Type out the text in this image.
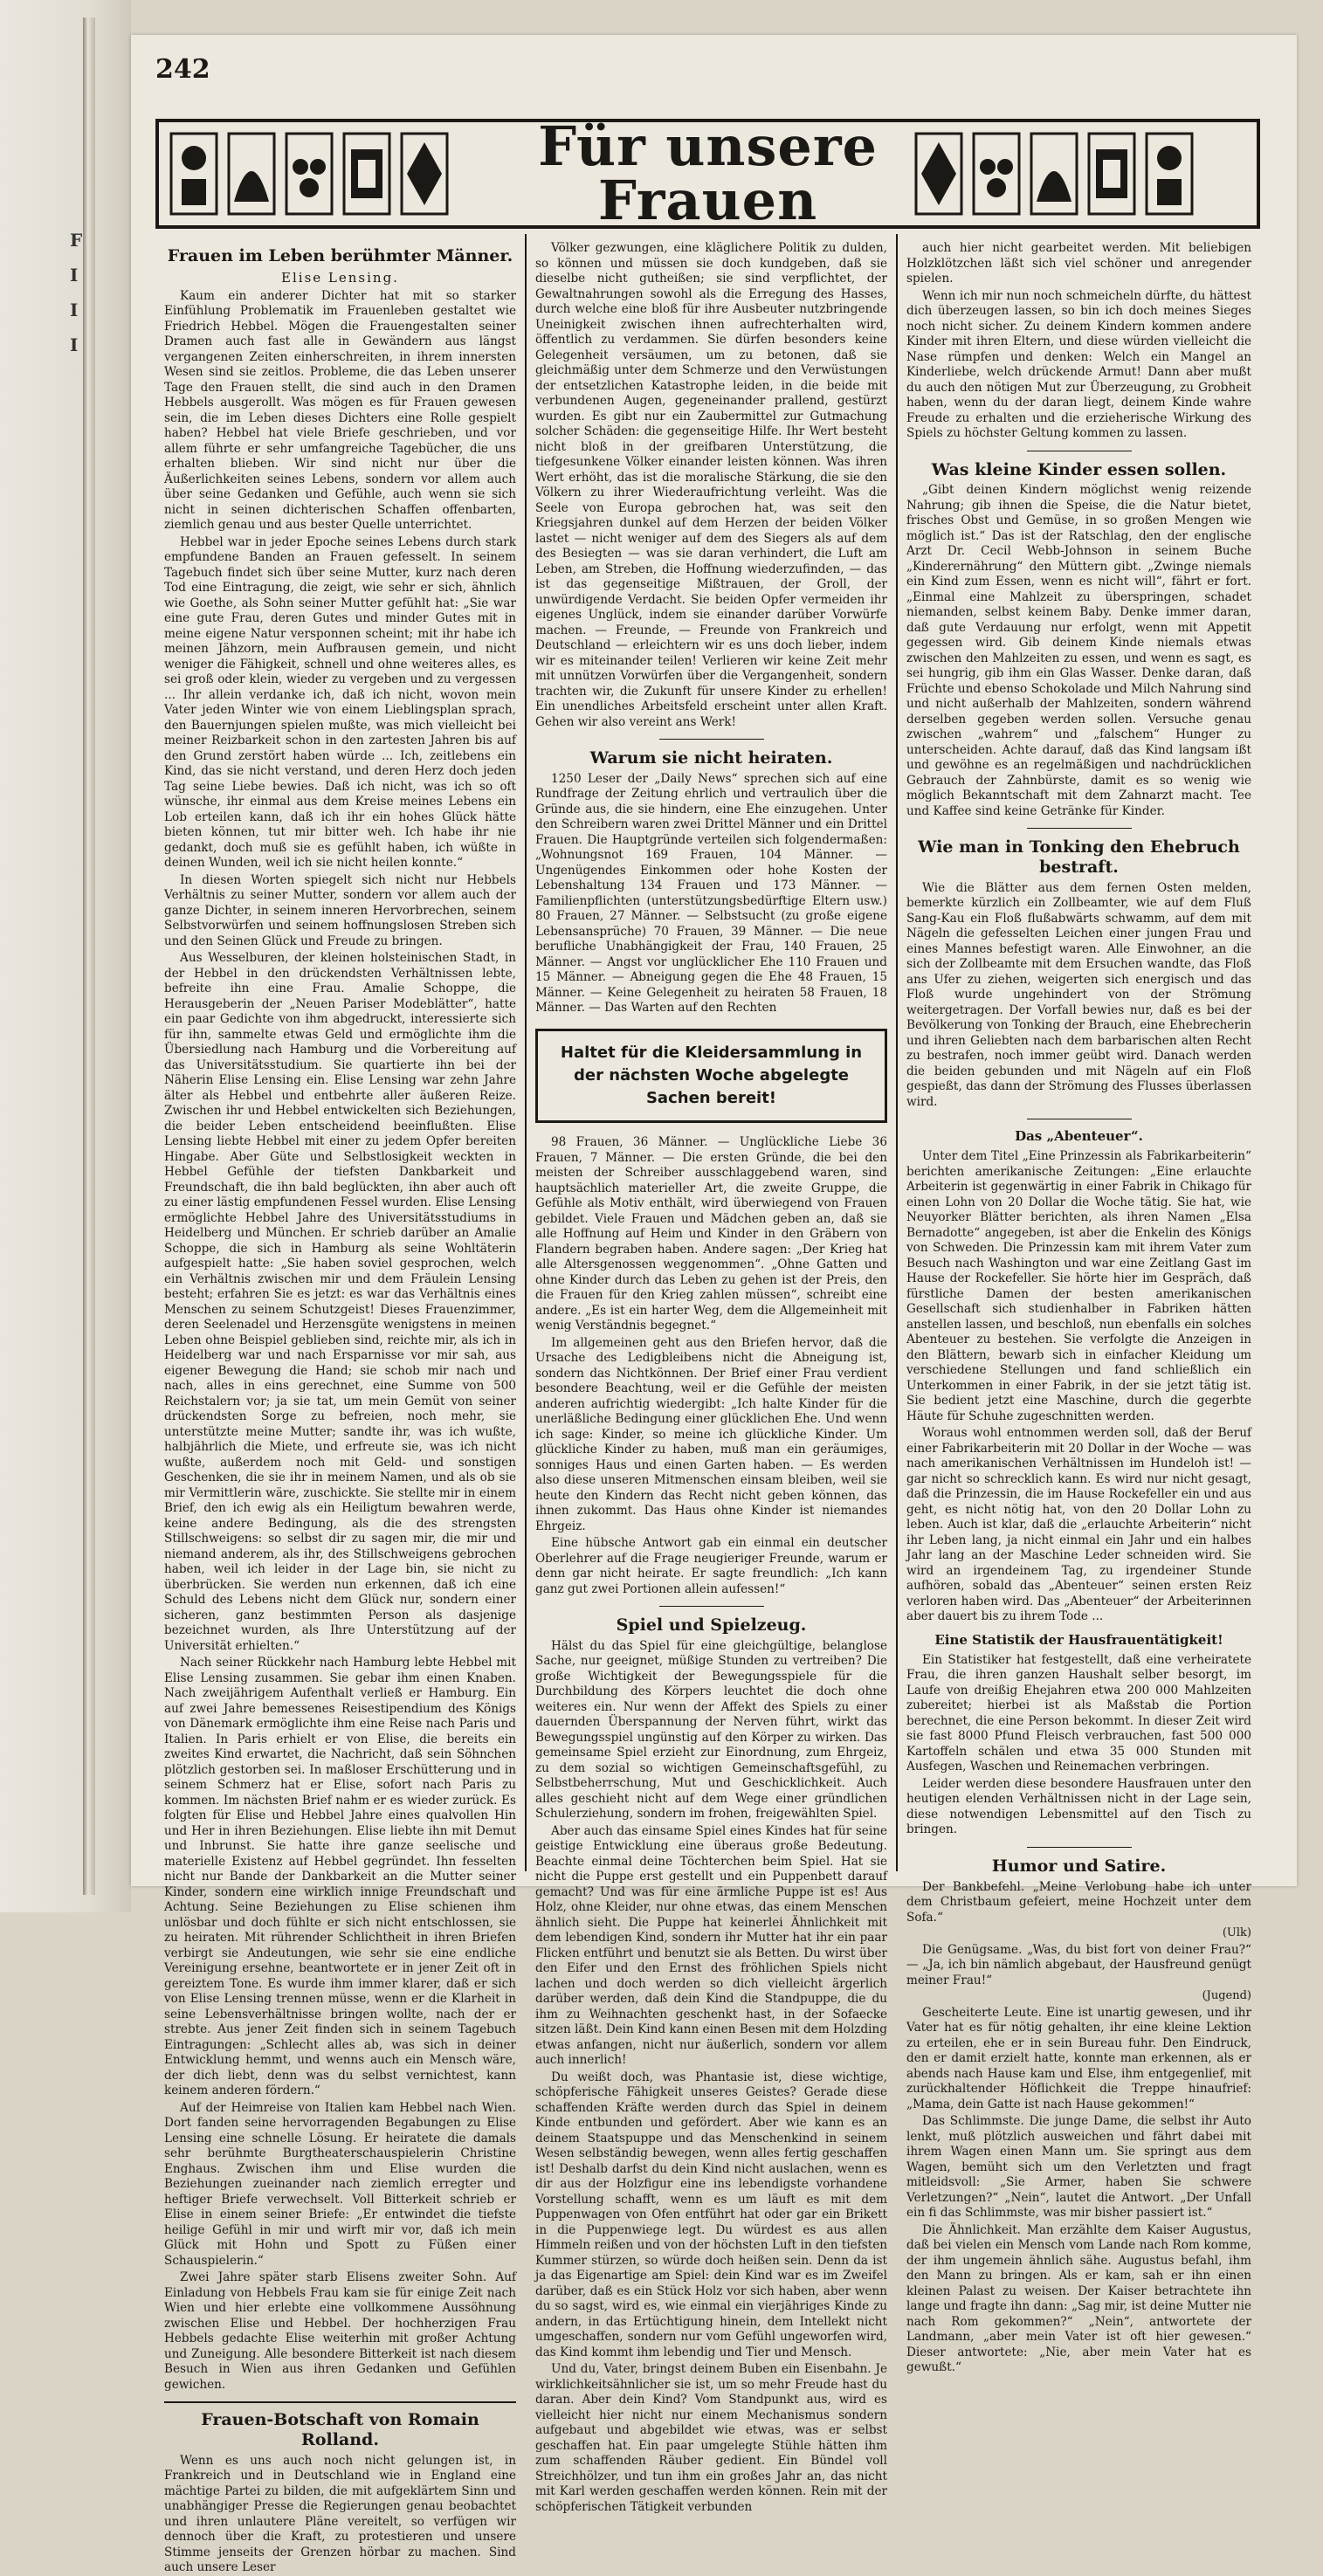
F
I
I
I
242
Für unsere Frauen
Frauen im Leben berühmter Männer.
Elise Lensing.

Kaum ein anderer Dichter hat mit so starker Einfühlung Problematik im Frauenleben gestaltet wie Friedrich Hebbel. Mögen die Frauengestalten seiner Dramen auch fast alle in Gewändern aus längst vergangenen Zeiten einherschreiten, in ihrem innersten Wesen sind sie zeitlos. Probleme, die das Leben unserer Tage den Frauen stellt, die sind auch in den Dramen Hebbels ausgerollt. Was mögen es für Frauen gewesen sein, die im Leben dieses Dichters eine Rolle gespielt haben? Hebbel hat viele Briefe geschrieben, und vor allem führte er sehr umfangreiche Tagebücher, die uns erhalten blieben. Wir sind nicht nur über die Äußerlichkeiten seines Lebens, sondern vor allem auch über seine Gedanken und Gefühle, auch wenn sie sich nicht in seinen dichterischen Schaffen offenbarten, ziemlich genau und aus bester Quelle unterrichtet.

Hebbel war in jeder Epoche seines Lebens durch stark empfundene Banden an Frauen gefesselt. In seinem Tagebuch findet sich über seine Mutter, kurz nach deren Tod eine Eintragung, die zeigt, wie sehr er sich, ähnlich wie Goethe, als Sohn seiner Mutter gefühlt hat: „Sie war eine gute Frau, deren Gutes und minder Gutes mit in meine eigene Natur versponnen scheint; mit ihr habe ich meinen Jähzorn, mein Aufbrausen gemein, und nicht weniger die Fähigkeit, schnell und ohne weiteres alles, es sei groß oder klein, wieder zu vergeben und zu vergessen ... Ihr allein verdanke ich, daß ich nicht, wovon mein Vater jeden Winter wie von einem Lieblingsplan sprach, den Bauernjungen spielen mußte, was mich vielleicht bei meiner Reizbarkeit schon in den zartesten Jahren bis auf den Grund zerstört haben würde ... Ich, zeitlebens ein Kind, das sie nicht verstand, und deren Herz doch jeden Tag seine Liebe bewies. Daß ich nicht, was ich so oft wünsche, ihr einmal aus dem Kreise meines Lebens ein Lob erteilen kann, daß ich ihr ein hohes Glück hätte bieten können, tut mir bitter weh. Ich habe ihr nie gedankt, doch muß sie es gefühlt haben, ich wüßte in deinen Wunden, weil ich sie nicht heilen konnte.“

In diesen Worten spiegelt sich nicht nur Hebbels Verhältnis zu seiner Mutter, sondern vor allem auch der ganze Dichter, in seinem inneren Hervorbrechen, seinem Selbstvorwürfen und seinem hoffnungslosen Streben sich und den Seinen Glück und Freude zu bringen.

Aus Wesselburen, der kleinen holsteinischen Stadt, in der Hebbel in den drückendsten Verhältnissen lebte, befreite ihn eine Frau. Amalie Schoppe, die Herausgeberin der „Neuen Pariser Modeblätter“, hatte ein paar Gedichte von ihm abgedruckt, interessierte sich für ihn, sammelte etwas Geld und ermöglichte ihm die Übersiedlung nach Hamburg und die Vorbereitung auf das Universitätsstudium. Sie quartierte ihn bei der Näherin Elise Lensing ein. Elise Lensing war zehn Jahre älter als Hebbel und entbehrte aller äußeren Reize. Zwischen ihr und Hebbel entwickelten sich Beziehungen, die beider Leben entscheidend beeinflußten. Elise Lensing liebte Hebbel mit einer zu jedem Opfer bereiten Hingabe. Aber Güte und Selbstlosigkeit weckten in Hebbel Gefühle der tiefsten Dankbarkeit und Freundschaft, die ihn bald beglückten, ihn aber auch oft zu einer lästig empfundenen Fessel wurden. Elise Lensing ermöglichte Hebbel Jahre des Universitätsstudiums in Heidelberg und München. Er schrieb darüber an Amalie Schoppe, die sich in Hamburg als seine Wohltäterin aufgespielt hatte: „Sie haben soviel gesprochen, welch ein Verhältnis zwischen mir und dem Fräulein Lensing besteht; erfahren Sie es jetzt: es war das Verhältnis eines Menschen zu seinem Schutzgeist! Dieses Frauenzimmer, deren Seelenadel und Herzensgüte wenigstens in meinen Leben ohne Beispiel geblieben sind, reichte mir, als ich in Heidelberg war und nach Ersparnisse vor mir sah, aus eigener Bewegung die Hand; sie schob mir nach und nach, alles in eins gerechnet, eine Summe von 500 Reichstalern vor; ja sie tat, um mein Gemüt von seiner drückendsten Sorge zu befreien, noch mehr, sie unterstützte meine Mutter; sandte ihr, was ich wußte, halbjährlich die Miete, und erfreute sie, was ich nicht wußte, außerdem noch mit Geld- und sonstigen Geschenken, die sie ihr in meinem Namen, und als ob sie mir Vermittlerin wäre, zuschickte. Sie stellte mir in einem Brief, den ich ewig als ein Heiligtum bewahren werde, keine andere Bedingung, als die des strengsten Stillschweigens: so selbst dir zu sagen mir, die mir und niemand anderem, als ihr, des Stillschweigens gebrochen haben, weil ich leider in der Lage bin, sie nicht zu überbrücken. Sie werden nun erkennen, daß ich eine Schuld des Lebens nicht dem Glück nur, sondern einer sicheren, ganz bestimmten Person als dasjenige bezeichnet wurden, als Ihre Unterstützung auf der Universität erhielten.“

Nach seiner Rückkehr nach Hamburg lebte Hebbel mit Elise Lensing zusammen. Sie gebar ihm einen Knaben. Nach zweijährigem Aufenthalt verließ er Hamburg. Ein auf zwei Jahre bemessenes Reisestipendium des Königs von Dänemark ermöglichte ihm eine Reise nach Paris und Italien. In Paris erhielt er von Elise, die bereits ein zweites Kind erwartet, die Nachricht, daß sein Söhnchen plötzlich gestorben sei. In maßloser Erschütterung und in seinem Schmerz hat er Elise, sofort nach Paris zu kommen. Im nächsten Brief nahm er es wieder zurück. Es folgten für Elise und Hebbel Jahre eines qualvollen Hin und Her in ihren Beziehungen. Elise liebte ihn mit Demut und Inbrunst. Sie hatte ihre ganze seelische und materielle Existenz auf Hebbel gegründet. Ihn fesselten nicht nur Bande der Dankbarkeit an die Mutter seiner Kinder, sondern eine wirklich innige Freundschaft und Achtung. Seine Beziehungen zu Elise schienen ihm unlösbar und doch fühlte er sich nicht entschlossen, sie zu heiraten. Mit rührender Schlichtheit in ihren Briefen verbirgt sie Andeutungen, wie sehr sie eine endliche Vereinigung ersehne, beantwortete er in jener Zeit oft in gereiztem Tone. Es wurde ihm immer klarer, daß er sich von Elise Lensing trennen müsse, wenn er die Klarheit in seine Lebensverhältnisse bringen wollte, nach der er strebte. Aus jener Zeit finden sich in seinem Tagebuch Eintragungen: „Schlecht alles ab, was sich in deiner Entwicklung hemmt, und wenns auch ein Mensch wäre, der dich liebt, denn was du selbst vernichtest, kann keinem anderen fördern.“

Auf der Heimreise von Italien kam Hebbel nach Wien. Dort fanden seine hervorragenden Begabungen zu Elise Lensing eine schnelle Lösung. Er heiratete die damals sehr berühmte Burgtheaterschauspielerin Christine Enghaus. Zwischen ihm und Elise wurden die Beziehungen zueinander nach ziemlich erregter und heftiger Briefe verwechselt. Voll Bitterkeit schrieb er Elise in einem seiner Briefe: „Er entwindet die tiefste heilige Gefühl in mir und wirft mir vor, daß ich mein Glück mit Hohn und Spott zu Füßen einer Schauspielerin.“

Zwei Jahre später starb Elisens zweiter Sohn. Auf Einladung von Hebbels Frau kam sie für einige Zeit nach Wien und hier erlebte eine vollkommene Aussöhnung zwischen Elise und Hebbel. Der hochherzigen Frau Hebbels gedachte Elise weiterhin mit großer Achtung und Zuneigung. Alle besondere Bitterkeit ist nach diesem Besuch in Wien aus ihren Gedanken und Gefühlen gewichen.

Frauen-Botschaft von Romain Rolland.

Wenn es uns auch noch nicht gelungen ist, in Frankreich und in Deutschland wie in England eine mächtige Partei zu bilden, die mit aufgeklärtem Sinn und unabhängiger Presse die Regierungen genau beobachtet und ihren unlautere Pläne vereitelt, so verfügen wir dennoch über die Kraft, zu protestieren und unsere Stimme jenseits der Grenzen hörbar zu machen. Sind auch unsere Leser

Völker gezwungen, eine kläglichere Politik zu dulden, so können und müssen sie doch kundgeben, daß sie dieselbe nicht gutheißen; sie sind verpflichtet, der Gewaltnahrungen sowohl als die Erregung des Hasses, durch welche eine bloß für ihre Ausbeuter nutzbringende Uneinigkeit zwischen ihnen aufrechterhalten wird, öffentlich zu verdammen. Sie dürfen besonders keine Gelegenheit versäumen, um zu betonen, daß sie gleichmäßig unter dem Schmerze und den Verwüstungen der entsetzlichen Katastrophe leiden, in die beide mit verbundenen Augen, gegeneinander prallend, gestürzt wurden. Es gibt nur ein Zaubermittel zur Gutmachung solcher Schäden: die gegenseitige Hilfe. Ihr Wert besteht nicht bloß in der greifbaren Unterstützung, die tiefgesunkene Völker einander leisten können. Was ihren Wert erhöht, das ist die moralische Stärkung, die sie den Völkern zu ihrer Wiederaufrichtung verleiht. Was die Seele von Europa gebrochen hat, was seit den Kriegsjahren dunkel auf dem Herzen der beiden Völker lastet — nicht weniger auf dem des Siegers als auf dem des Besiegten — was sie daran verhindert, die Luft am Leben, am Streben, die Hoffnung wiederzufinden, — das ist das gegenseitige Mißtrauen, der Groll, der unwürdigende Verdacht. Sie beiden Opfer vermeiden ihr eigenes Unglück, indem sie einander darüber Vorwürfe machen. — Freunde, — Freunde von Frankreich und Deutschland — erleichtern wir es uns doch lieber, indem wir es miteinander teilen! Verlieren wir keine Zeit mehr mit unnützen Vorwürfen über die Vergangenheit, sondern trachten wir, die Zukunft für unsere Kinder zu erhellen! Ein unendliches Arbeitsfeld erscheint unter allen Kraft. Gehen wir also vereint ans Werk!

Warum sie nicht heiraten.

1250 Leser der „Daily News“ sprechen sich auf eine Rundfrage der Zeitung ehrlich und vertraulich über die Gründe aus, die sie hindern, eine Ehe einzugehen. Unter den Schreibern waren zwei Drittel Männer und ein Drittel Frauen. Die Hauptgründe verteilen sich folgendermaßen: „Wohnungsnot 169 Frauen, 104 Männer. — Ungenügendes Einkommen oder hohe Kosten der Lebenshaltung 134 Frauen und 173 Männer. — Familienpflichten (unterstützungsbedürftige Eltern usw.) 80 Frauen, 27 Männer. — Selbstsucht (zu große eigene Lebensansprüche) 70 Frauen, 39 Männer. — Die neue berufliche Unabhängigkeit der Frau, 140 Frauen, 25 Männer. — Angst vor unglücklicher Ehe 110 Frauen und 15 Männer. — Abneigung gegen die Ehe 48 Frauen, 15 Männer. — Keine Gelegenheit zu heiraten 58 Frauen, 18 Männer. — Das Warten auf den Rechten

Haltet für die Kleidersammlung in der nächsten Woche abgelegte Sachen bereit!

98 Frauen, 36 Männer. — Unglückliche Liebe 36 Frauen, 7 Männer. — Die ersten Gründe, die bei den meisten der Schreiber ausschlaggebend waren, sind hauptsächlich materieller Art, die zweite Gruppe, die Gefühle als Motiv enthält, wird überwiegend von Frauen gebildet. Viele Frauen und Mädchen geben an, daß sie alle Hoffnung auf Heim und Kinder in den Gräbern von Flandern begraben haben. Andere sagen: „Der Krieg hat alle Altersgenossen weggenommen“. „Ohne Gatten und ohne Kinder durch das Leben zu gehen ist der Preis, den die Frauen für den Krieg zahlen müssen“, schreibt eine andere. „Es ist ein harter Weg, dem die Allgemeinheit mit wenig Verständnis begegnet.“

Im allgemeinen geht aus den Briefen hervor, daß die Ursache des Ledigbleibens nicht die Abneigung ist, sondern das Nichtkönnen. Der Brief einer Frau verdient besondere Beachtung, weil er die Gefühle der meisten anderen aufrichtig wiedergibt: „Ich halte Kinder für die unerläßliche Bedingung einer glücklichen Ehe. Und wenn ich sage: Kinder, so meine ich glückliche Kinder. Um glückliche Kinder zu haben, muß man ein geräumiges, sonniges Haus und einen Garten haben. — Es werden also diese unseren Mitmenschen einsam bleiben, weil sie heute den Kindern das Recht nicht geben können, das ihnen zukommt. Das Haus ohne Kinder ist niemandes Ehrgeiz.

Eine hübsche Antwort gab ein einmal ein deutscher Oberlehrer auf die Frage neugieriger Freunde, warum er denn gar nicht heirate. Er sagte freundlich: „Ich kann ganz gut zwei Portionen allein aufessen!“

Spiel und Spielzeug.

Hälst du das Spiel für eine gleichgültige, belanglose Sache, nur geeignet, müßige Stunden zu vertreiben? Die große Wichtigkeit der Bewegungsspiele für die Durchbildung des Körpers leuchtet die doch ohne weiteres ein. Nur wenn der Affekt des Spiels zu einer dauernden Überspannung der Nerven führt, wirkt das Bewegungsspiel ungünstig auf den Körper zu wirken. Das gemeinsame Spiel erzieht zur Einordnung, zum Ehrgeiz, zu dem sozial so wichtigen Gemeinschaftsgefühl, zu Selbstbeherrschung, Mut und Geschicklichkeit. Auch alles geschieht nicht auf dem Wege einer gründlichen Schulerziehung, sondern im frohen, freigewählten Spiel.

Aber auch das einsame Spiel eines Kindes hat für seine geistige Entwicklung eine überaus große Bedeutung. Beachte einmal deine Töchterchen beim Spiel. Hat sie nicht die Puppe erst gestellt und ein Puppenbett darauf gemacht? Und was für eine ärmliche Puppe ist es! Aus Holz, ohne Kleider, nur ohne etwas, das einem Menschen ähnlich sieht. Die Puppe hat keinerlei Ähnlichkeit mit dem lebendigen Kind, sondern ihr Mutter hat ihr ein paar Flicken entführt und benutzt sie als Betten. Du wirst über den Eifer und den Ernst des fröhlichen Spiels nicht lachen und doch werden so dich vielleicht ärgerlich darüber werden, daß dein Kind die Standpuppe, die du ihm zu Weihnachten geschenkt hast, in der Sofaecke sitzen läßt. Dein Kind kann einen Besen mit dem Holzding etwas anfangen, nicht nur äußerlich, sondern vor allem auch innerlich!

Du weißt doch, was Phantasie ist, diese wichtige, schöpferische Fähigkeit unseres Geistes? Gerade diese schaffenden Kräfte werden durch das Spiel in deinem Kinde entbunden und gefördert. Aber wie kann es an deinem Staatspuppe und das Menschenkind in seinem Wesen selbständig bewegen, wenn alles fertig geschaffen ist! Deshalb darfst du dein Kind nicht auslachen, wenn es dir aus der Holzfigur eine ins lebendigste vorhandene Vorstellung schafft, wenn es um läuft es mit dem Puppenwagen von Ofen entführt hat oder gar ein Brikett in die Puppenwiege legt. Du würdest es aus allen Himmeln reißen und von der höchsten Luft in den tiefsten Kummer stürzen, so würde doch heißen sein. Denn da ist ja das Eigenartige am Spiel: dein Kind war es im Zweifel darüber, daß es ein Stück Holz vor sich haben, aber wenn du so sagst, wird es, wie einmal ein vierjähriges Kinde zu andern, in das Ertüchtigung hinein, dem Intellekt nicht umgeschaffen, sondern nur vom Gefühl ungeworfen wird, das Kind kommt ihm lebendig und Tier und Mensch.

Und du, Vater, bringst deinem Buben ein Eisenbahn. Je wirklichkeitsähnlicher sie ist, um so mehr Freude hast du daran. Aber dein Kind? Vom Standpunkt aus, wird es vielleicht hier nicht nur einem Mechanismus sondern aufgebaut und abgebildet wie etwas, was er selbst geschaffen hat. Ein paar umgelegte Stühle hätten ihm zum schaffenden Räuber gedient. Ein Bündel voll Streichhölzer, und tun ihm ein großes Jahr an, das nicht mit Karl werden geschaffen werden können. Rein mit der schöpferischen Tätigkeit verbunden

auch hier nicht gearbeitet werden. Mit beliebigen Holzklötzchen läßt sich viel schöner und anregender spielen.

Wenn ich mir nun noch schmeicheln dürfte, du hättest dich überzeugen lassen, so bin ich doch meines Sieges noch nicht sicher. Zu deinem Kindern kommen andere Kinder mit ihren Eltern, und diese würden vielleicht die Nase rümpfen und denken: Welch ein Mangel an Kinderliebe, welch drückende Armut! Dann aber mußt du auch den nötigen Mut zur Überzeugung, zu Grobheit haben, wenn du der daran liegt, deinem Kinde wahre Freude zu erhalten und die erzieherische Wirkung des Spiels zu höchster Geltung kommen zu lassen.

Was kleine Kinder essen sollen.

„Gibt deinen Kindern möglichst wenig reizende Nahrung; gib ihnen die Speise, die die Natur bietet, frisches Obst und Gemüse, in so großen Mengen wie möglich ist.“ Das ist der Ratschlag, den der englische Arzt Dr. Cecil Webb-Johnson in seinem Buche „Kinderernährung“ den Müttern gibt. „Zwinge niemals ein Kind zum Essen, wenn es nicht will“, fährt er fort. „Einmal eine Mahlzeit zu überspringen, schadet niemanden, selbst keinem Baby. Denke immer daran, daß gute Verdauung nur erfolgt, wenn mit Appetit gegessen wird. Gib deinem Kinde niemals etwas zwischen den Mahlzeiten zu essen, und wenn es sagt, es sei hungrig, gib ihm ein Glas Wasser. Denke daran, daß Früchte und ebenso Schokolade und Milch Nahrung sind und nicht außerhalb der Mahlzeiten, sondern während derselben gegeben werden sollen. Versuche genau zwischen „wahrem“ und „falschem“ Hunger zu unterscheiden. Achte darauf, daß das Kind langsam ißt und gewöhne es an regelmäßigen und nachdrücklichen Gebrauch der Zahnbürste, damit es so wenig wie möglich Bekanntschaft mit dem Zahnarzt macht. Tee und Kaffee sind keine Getränke für Kinder.

Wie man in Tonking den Ehebruch bestraft.

Wie die Blätter aus dem fernen Osten melden, bemerkte kürzlich ein Zollbeamter, wie auf dem Fluß Sang-Kau ein Floß flußabwärts schwamm, auf dem mit Nägeln die gefesselten Leichen einer jungen Frau und eines Mannes befestigt waren. Alle Einwohner, an die sich der Zollbeamte mit dem Ersuchen wandte, das Floß ans Ufer zu ziehen, weigerten sich energisch und das Floß wurde ungehindert von der Strömung weitergetragen. Der Vorfall bewies nur, daß es bei der Bevölkerung von Tonking der Brauch, eine Ehebrecherin und ihren Geliebten nach dem barbarischen alten Recht zu bestrafen, noch immer geübt wird. Danach werden die beiden gebunden und mit Nägeln auf ein Floß gespießt, das dann der Strömung des Flusses überlassen wird.

Das „Abenteuer“.

Unter dem Titel „Eine Prinzessin als Fabrikarbeiterin“ berichten amerikanische Zeitungen: „Eine erlauchte Arbeiterin ist gegenwärtig in einer Fabrik in Chikago für einen Lohn von 20 Dollar die Woche tätig. Sie hat, wie Neuyorker Blätter berichten, als ihren Namen „Elsa Bernadotte“ angegeben, ist aber die Enkelin des Königs von Schweden. Die Prinzessin kam mit ihrem Vater zum Besuch nach Washington und war eine Zeitlang Gast im Hause der Rockefeller. Sie hörte hier im Gespräch, daß fürstliche Damen der besten amerikanischen Gesellschaft sich studienhalber in Fabriken hätten anstellen lassen, und beschloß, nun ebenfalls ein solches Abenteuer zu bestehen. Sie verfolgte die Anzeigen in den Blättern, bewarb sich in einfacher Kleidung um verschiedene Stellungen und fand schließlich ein Unterkommen in einer Fabrik, in der sie jetzt tätig ist. Sie bedient jetzt eine Maschine, durch die gegerbte Häute für Schuhe zugeschnitten werden.

Woraus wohl entnommen werden soll, daß der Beruf einer Fabrikarbeiterin mit 20 Dollar in der Woche — was nach amerikanischen Verhältnissen im Hundeloh ist! — gar nicht so schrecklich kann. Es wird nur nicht gesagt, daß die Prinzessin, die im Hause Rockefeller ein und aus geht, es nicht nötig hat, von den 20 Dollar Lohn zu leben. Auch ist klar, daß die „erlauchte Arbeiterin“ nicht ihr Leben lang, ja nicht einmal ein Jahr und ein halbes Jahr lang an der Maschine Leder schneiden wird. Sie wird an irgendeinem Tag, zu irgendeiner Stunde aufhören, sobald das „Abenteuer“ seinen ersten Reiz verloren haben wird. Das „Abenteuer“ der Arbeiterinnen aber dauert bis zu ihrem Tode ...

Eine Statistik der Hausfrauentätigkeit!

Ein Statistiker hat festgestellt, daß eine verheiratete Frau, die ihren ganzen Haushalt selber besorgt, im Laufe von dreißig Ehejahren etwa 200 000 Mahlzeiten zubereitet; hierbei ist als Maßstab die Portion berechnet, die eine Person bekommt. In dieser Zeit wird sie fast 8000 Pfund Fleisch verbrauchen, fast 500 000 Kartoffeln schälen und etwa 35 000 Stunden mit Ausfegen, Waschen und Reinemachen verbringen.

Leider werden diese besondere Hausfrauen unter den heutigen elenden Verhältnissen nicht in der Lage sein, diese notwendigen Lebensmittel auf den Tisch zu bringen.

Humor und Satire.

Der Bankbefehl. „Meine Verlobung habe ich unter dem Christbaum gefeiert, meine Hochzeit unter dem Sofa.“
(Ulk)

Die Genügsame. „Was, du bist fort von deiner Frau?“ — „Ja, ich bin nämlich abgebaut, der Hausfreund genügt meiner Frau!“
(Jugend)

Gescheiterte Leute. Eine ist unartig gewesen, und ihr Vater hat es für nötig gehalten, ihr eine kleine Lektion zu erteilen, ehe er in sein Bureau fuhr. Den Eindruck, den er damit erzielt hatte, konnte man erkennen, als er abends nach Hause kam und Else, ihm entgegenlief, mit zurückhaltender Höflichkeit die Treppe hinaufrief: „Mama, dein Gatte ist nach Hause gekommen!“

Das Schlimmste. Die junge Dame, die selbst ihr Auto lenkt, muß plötzlich ausweichen und fährt dabei mit ihrem Wagen einen Mann um. Sie springt aus dem Wagen, bemüht sich um den Verletzten und fragt mitleidsvoll: „Sie Armer, haben Sie schwere Verletzungen?“ „Nein“, lautet die Antwort. „Der Unfall ein fi das Schlimmste, was mir bisher passiert ist.“

Die Ähnlichkeit. Man erzählte dem Kaiser Augustus, daß bei vielen ein Mensch vom Lande nach Rom komme, der ihm ungemein ähnlich sähe. Augustus befahl, ihm den Mann zu bringen. Als er kam, sah er ihn einen kleinen Palast zu weisen. Der Kaiser betrachtete ihn lange und fragte ihn dann: „Sag mir, ist deine Mutter nie nach Rom gekommen?“ „Nein“, antwortete der Landmann, „aber mein Vater ist oft hier gewesen.“ Dieser antwortete: „Nie, aber mein Vater hat es gewußt.“
